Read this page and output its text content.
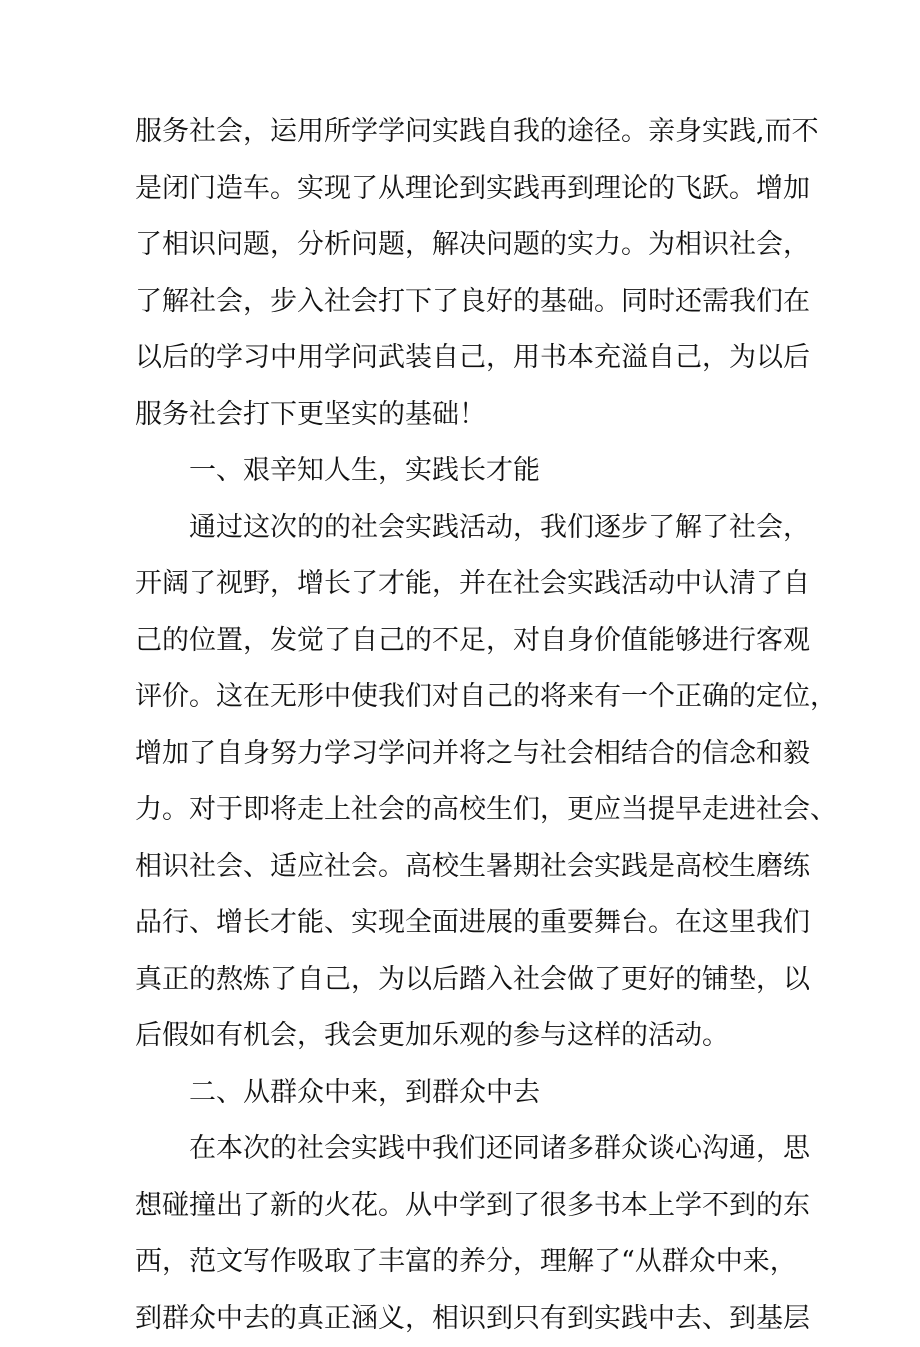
服务社会，运用所学学问实践自我的途径。亲身实践,而不
是闭门造车。实现了从理论到实践再到理论的飞跃。增加
了相识问题，分析问题，解决问题的实力。为相识社会，
了解社会，步入社会打下了良好的基础。同时还需我们在
以后的学习中用学问武装自己，用书本充溢自己，为以后
服务社会打下更坚实的基础！
一、艰辛知人生，实践长才能
通过这次的的社会实践活动，我们逐步了解了社会，
开阔了视野，增长了才能，并在社会实践活动中认清了自
己的位置，发觉了自己的不足，对自身价值能够进行客观
评价。这在无形中使我们对自己的将来有一个正确的定位，
增加了自身努力学习学问并将之与社会相结合的信念和毅
力。对于即将走上社会的高校生们，更应当提早走进社会、
相识社会、适应社会。高校生暑期社会实践是高校生磨练
品行、增长才能、实现全面进展的重要舞台。在这里我们
真正的熬炼了自己，为以后踏入社会做了更好的铺垫，以
后假如有机会，我会更加乐观的参与这样的活动。
二、从群众中来，到群众中去
在本次的社会实践中我们还同诸多群众谈心沟通，思
想碰撞出了新的火花。从中学到了很多书本上学不到的东
西，范文写作吸取了丰富的养分，理解了“从群众中来，
到群众中去的真正涵义，相识到只有到实践中去、到基层
